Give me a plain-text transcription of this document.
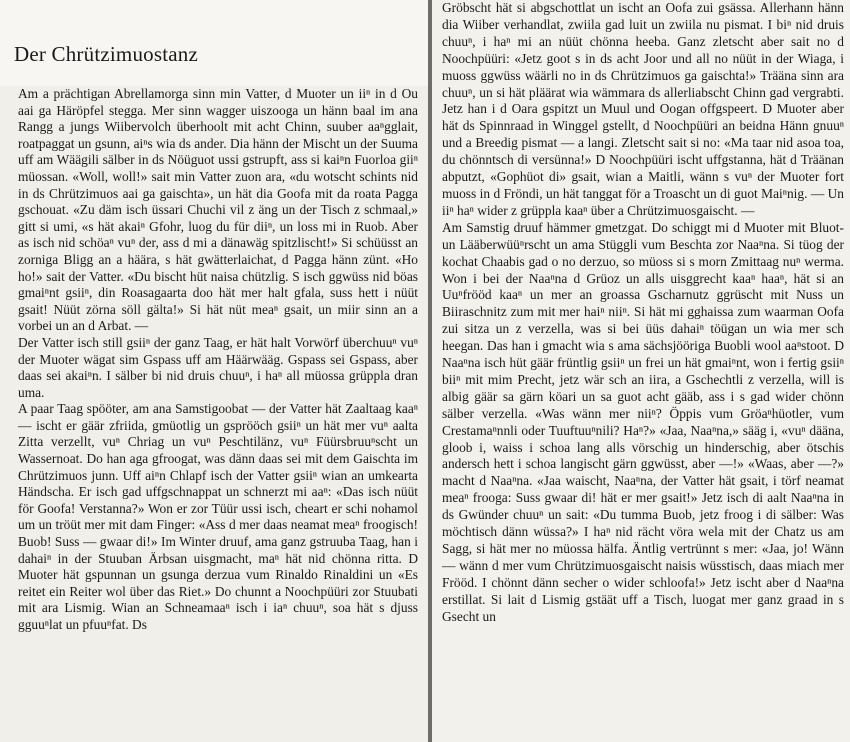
Der Chrützimuostanz

Am a prächtigan Abrellamorga sinn min Vatter, d Muoter un iiⁿ in d Ou aai ga Häröpfel stegga. Mer sinn wagger uiszooga un hänn baal im ana Rangg a jungs Wiibervolch überhoolt mit acht Chinn, suuber aaⁿgglait, roatpaggat un gsunn, aiⁿs wia ds ander. Dia hänn der Mischt un der Suuma uff am Wäägili sälber in ds Nöüguot ussi gstrupft, ass si kaiⁿn Fuorloa giiⁿ müossan. «Woll, woll!» sait min Vatter zuon ara, «du wotscht schints nid in ds Chrützimuos aai ga gaischta», un hät dia Goofa mit da roata Pagga gschouat. «Zu däm isch üssari Chuchi vil z äng un der Tisch z schmaal,» gitt si umi, «s hät akaiⁿ Gfohr, luog du für diiⁿ, un loss mi in Ruob. Aber as isch nid schöaⁿ vuⁿ der, ass d mi a dänawäg spitzlischt!» Si schüüsst an zorniga Bligg an a häära, s hät gwätterlaichat, d Pagga hänn zünt. «Ho ho!» sait der Vatter. «Du bischt hüt naisa chützlig. S isch ggwüss nid böas gmaiⁿnt gsiiⁿ, din Roasagaarta doo hät mer halt gfala, suss hett i nüüt gsait! Nüüt zörna söll gälta!» Si hät nüt meaⁿ gsait, un miir sinn an a vorbei un an d Arbat. —

Der Vatter isch still gsiiⁿ der ganz Taag, er hät halt Vorwörf überchuuⁿ vuⁿ der Muoter wägat sim Gspass uff am Häärwääg. Gspass sei Gspass, aber daas sei akaiⁿn. I sälber bi nid druis chuuⁿ, i haⁿ all müossa grüppla dran uma.

A paar Taag spööter, am ana Samstigoobat — der Vatter hät Zaaltaag kaaⁿ — ischt er gäär zfriida, gmüotlig un gsprööch gsiiⁿ un hät mer vuⁿ aalta Zitta verzellt, vuⁿ Chriag un vuⁿ Peschtilänz, vuⁿ Füürsbruuⁿscht un Wassernoat. Do han aga gfroogat, was dänn daas sei mit dem Gaischta im Chrützimuos junn. Uff aiⁿn Chlapf isch der Vatter gsiiⁿ wian an umkearta Händscha. Er isch gad uffgschnappat un schnerzt mi aaⁿ: «Das isch nüüt för Goofa! Verstanna?» Won er zor Tüür ussi isch, cheart er schi nohamol um un tröüt mer mit dam Finger: «Ass d mer daas neamat meaⁿ froogisch! Buob! Suss — gwaar di!» Im Winter druuf, ama ganz gstruuba Taag, han i dahaiⁿ in der Stuuban Ärbsan uisgmacht, maⁿ hät nid chönna ritta. D Muoter hät gspunnan un gsunga derzua vum Rinaldo Rinaldini un «Es reitet ein Reiter wol über das Riet.» Do chunnt a Noochpüüri zor Stuubati mit ara Lismig. Wian an Schneamaaⁿ isch i iaⁿ chuuⁿ, soa hät s djuss gguuⁿlat un pfuuⁿfat. Ds

Gröbscht hät si abgschottlat un ischt an Oofa zui gsässa. Allerhann hänn dia Wiiber verhandlat, zwiila gad luit un zwiila nu pismat. I biⁿ nid druis chuuⁿ, i haⁿ mi an nüüt chönna heeba. Ganz zletscht aber sait no d Noochpüüri: «Jetz goot s in ds acht Joor und all no nüüt in der Wiaga, i muoss ggwüss wäärli no in ds Chrützimuos ga gaischta!» Trääna sinn ara chuuⁿ, un si hät pläärat wia wämmara ds allerliabscht Chinn gad vergrabti. Jetz han i d Oara gspitzt un Muul und Oogan offgspeert. D Muoter aber hät ds Spinnraad in Winggel gstellt, d Noochpüüri an beidna Hänn gnuuⁿ und a Breedig pismat — a langi. Zletscht sait si no: «Ma taar nid asoa toa, du chönntsch di versünna!» D Noochpüüri ischt uffgstanna, hät d Träänan abputzt, «Gophüot di» gsait, wian a Maitli, wänn s vuⁿ der Muoter fort muoss in d Fröndi, un hät tanggat för a Troascht un di guot Maiⁿnig. — Un iiⁿ haⁿ wider z grüppla kaaⁿ über a Chrützimuosgaischt. —

Am Samstig druuf hämmer gmetzgat. Do schiggt mi d Muoter mit Bluot- un Lääberwüüⁿrscht un ama Stüggli vum Beschta zor Naaⁿna. Si tüog der kochat Chaabis gad o no derzuo, so müoss si s morn Zmittaag nuⁿ werma. Won i bei der Naaⁿna d Grüoz un alls uisggrecht kaaⁿ haaⁿ, hät si an Uuⁿfrööd kaaⁿ un mer an groassa Gscharnutz ggrüscht mit Nuss un Biiraschnitz zum mit mer haiⁿ niiⁿ. Si hät mi gghaissa zum waarman Oofa zui sitza un z verzella, was si bei üüs dahaiⁿ töügan un wia mer sch heegan. Das han i gmacht wia s ama sächsjööriga Buobli wool aaⁿstoot. D Naaⁿna isch hüt gäär früntlig gsiiⁿ un frei un hät gmaiⁿnt, won i fertig gsiiⁿ biiⁿ mit mim Precht, jetz wär sch an iira, a Gschechtli z verzella, will is albig gäär sa gärn köari un sa guot acht gääb, ass i s gad wider chönn sälber verzella. «Was wänn mer niiⁿ? Öppis vum Gröaⁿhüotler, vum Crestamaⁿnnli oder Tuuftuuⁿnili? Haⁿ?» «Jaa, Naaⁿna,» sääg i, «vuⁿ dääna, gloob i, waiss i schoa lang alls vörschig un hinderschig, aber ötschis andersch hett i schoa langischt gärn ggwüsst, aber —!» «Waas, aber —?» macht d Naaⁿna. «Jaa waischt, Naaⁿna, der Vatter hät gsait, i törf neamat meaⁿ frooga: Suss gwaar di! hät er mer gsait!» Jetz isch di aalt Naaⁿna in ds Gwünder chuuⁿ un sait: «Du tumma Buob, jetz froog i di sälber: Was möchtisch dänn wüssa?» I haⁿ nid rächt vöra wela mit der Chatz us am Sagg, si hät mer no müossa hälfa. Äntlig vertrünnt s mer: «Jaa, jo! Wänn — wänn d mer vum Chrützimuosgaischt naisis wüsstisch, daas miach mer Frööd. I chönnt dänn secher o wider schloofa!» Jetz ischt aber d Naaⁿna erstillat. Si lait d Lismig gstäät uff a Tisch, luogat mer ganz graad in s Gsecht un
